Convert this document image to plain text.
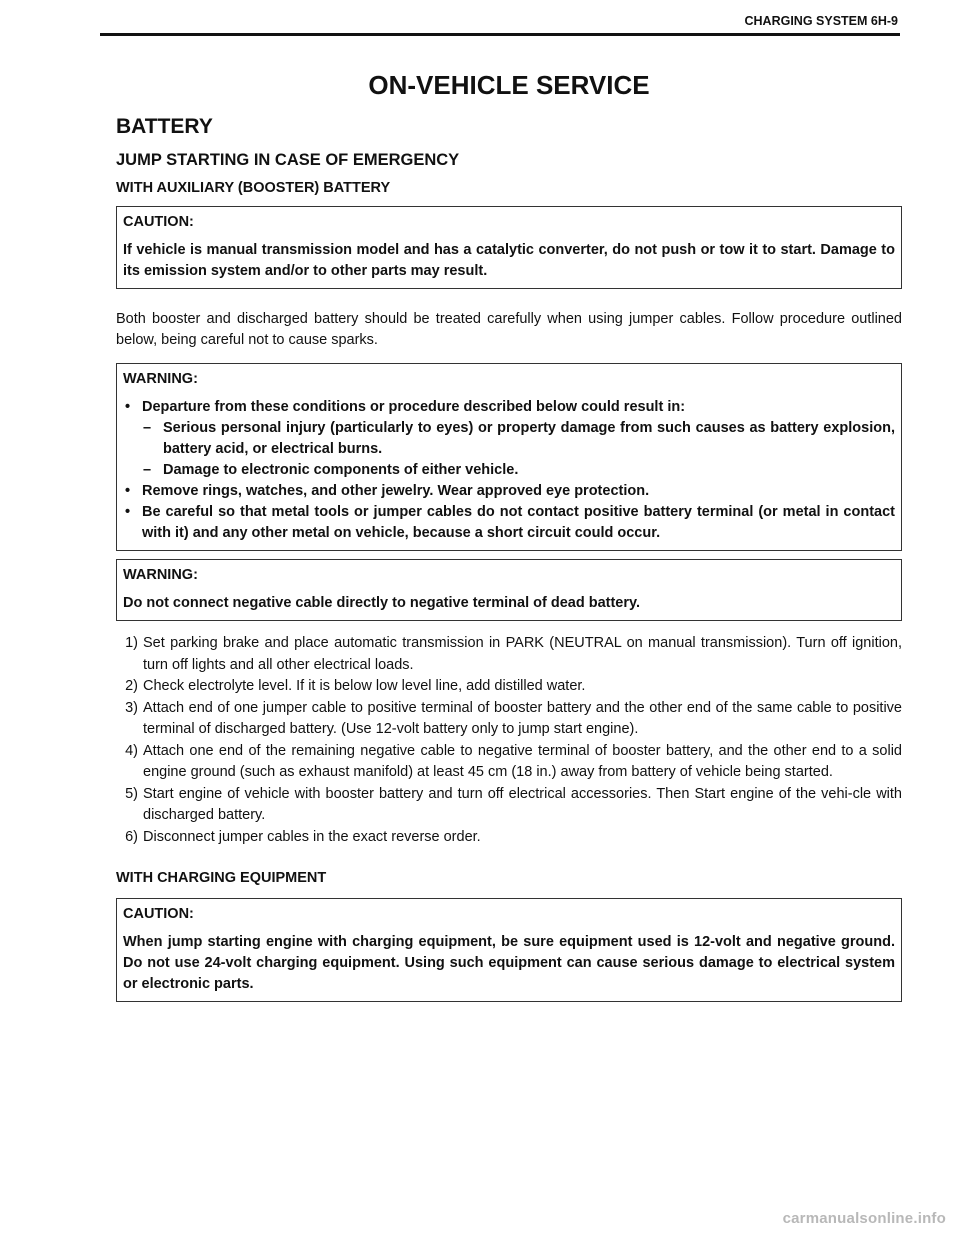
CHARGING SYSTEM 6H-9
ON-VEHICLE SERVICE
BATTERY
JUMP STARTING IN CASE OF EMERGENCY
WITH AUXILIARY (BOOSTER) BATTERY
CAUTION:

If vehicle is manual transmission model and has a catalytic converter, do not push or tow it to start. Damage to its emission system and/or to other parts may result.

Both booster and discharged battery should be treated carefully when using jumper cables. Follow procedure outlined below, being careful not to cause sparks.

WARNING:
• Departure from these conditions or procedure described below could result in:
– Serious personal injury (particularly to eyes) or property damage from such causes as battery explosion, battery acid, or electrical burns.
– Damage to electronic components of either vehicle.
• Remove rings, watches, and other jewelry. Wear approved eye protection.
• Be careful so that metal tools or jumper cables do not contact positive battery terminal (or metal in contact with it) and any other metal on vehicle, because a short circuit could occur.
WARNING:

Do not connect negative cable directly to negative terminal of dead battery.

1) Set parking brake and place automatic transmission in PARK (NEUTRAL on manual transmission). Turn off ignition, turn off lights and all other electrical loads.
2) Check electrolyte level. If it is below low level line, add distilled water.
3) Attach end of one jumper cable to positive terminal of booster battery and the other end of the same cable to positive terminal of discharged battery. (Use 12-volt battery only to jump start engine).
4) Attach one end of the remaining negative cable to negative terminal of booster battery, and the other end to a solid engine ground (such as exhaust manifold) at least 45 cm (18 in.) away from battery of vehicle being started.
5) Start engine of vehicle with booster battery and turn off electrical accessories. Then Start engine of the vehi-cle with discharged battery.
6) Disconnect jumper cables in the exact reverse order.
WITH CHARGING EQUIPMENT
CAUTION:

When jump starting engine with charging equipment, be sure equipment used is 12-volt and negative ground. Do not use 24-volt charging equipment. Using such equipment can cause serious damage to electrical system or electronic parts.

carmanualsonline.info
